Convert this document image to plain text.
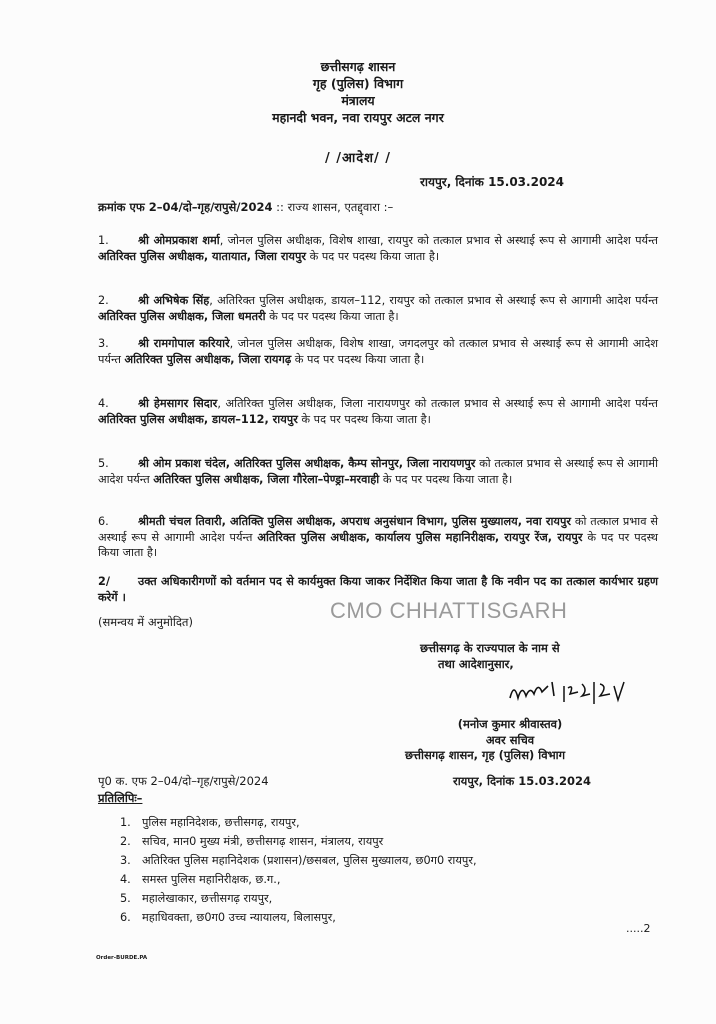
छत्तीसगढ़ शासन
गृह (पुलिस) विभाग
मंत्रालय
महानदी भवन, नवा रायपुर अटल नगर
/ /आदेश/ /
रायपुर, दिनांक 15.03.2024
क्रमांक एफ 2–04/दो–गृह/रापुसे/2024 :: राज्य शासन, एतद्द्वारा :–
1.	श्री ओमप्रकाश शर्मा, जोनल पुलिस अधीक्षक, विशेष शाखा, रायपुर को तत्काल प्रभाव से अस्थाई रूप से आगामी आदेश पर्यन्त अतिरिक्त पुलिस अधीक्षक, यातायात, जिला रायपुर के पद पर पदस्थ किया जाता है।
2.	श्री अभिषेक सिंह, अतिरिक्त पुलिस अधीक्षक, डायल–112, रायपुर को तत्काल प्रभाव से अस्थाई रूप से आगामी आदेश पर्यन्त अतिरिक्त पुलिस अधीक्षक, जिला धमतरी के पद पर पदस्थ किया जाता है।
3.	श्री रामगोपाल करियारे, जोनल पुलिस अधीक्षक, विशेष शाखा, जगदलपुर को तत्काल प्रभाव से अस्थाई रूप से आगामी आदेश पर्यन्त अतिरिक्त पुलिस अधीक्षक, जिला रायगढ़ के पद पर पदस्थ किया जाता है।
4.	श्री हेमसागर सिदार, अतिरिक्त पुलिस अधीक्षक, जिला नारायणपुर को तत्काल प्रभाव से अस्थाई रूप से आगामी आदेश पर्यन्त अतिरिक्त पुलिस अधीक्षक, डायल–112, रायपुर के पद पर पदस्थ किया जाता है।
5.	श्री ओम प्रकाश चंदेल, अतिरिक्त पुलिस अधीक्षक, कैम्प सोनपुर, जिला नारायणपुर को तत्काल प्रभाव से अस्थाई रूप से आगामी आदेश पर्यन्त अतिरिक्त पुलिस अधीक्षक, जिला गौरेला–पेण्ड्रा–मरवाही के पद पर पदस्थ किया जाता है।
6.	श्रीमती चंचल तिवारी, अतिक्ति पुलिस अधीक्षक, अपराध अनुसंधान विभाग, पुलिस मुख्यालय, नवा रायपुर को तत्काल प्रभाव से अस्थाई रूप से आगामी आदेश पर्यन्त अतिरिक्त पुलिस अधीक्षक, कार्यालय पुलिस महानिरीक्षक, रायपुर रेंज, रायपुर के पद पर पदस्थ किया जाता है।
2/ उक्त अधिकारीगणों को वर्तमान पद से कार्यमुक्त किया जाकर निर्देशित किया जाता है कि नवीन पद का तत्काल कार्यभार ग्रहण करेगें ।
CMO CHHATTISGARH
(समन्वय में अनुमोदित)
छत्तीसगढ़ के राज्यपाल के नाम से
तथा आदेशानुसार,
(मनोज कुमार श्रीवास्तव)
अवर सचिव
छत्तीसगढ़ शासन, गृह (पुलिस) विभाग
पृ0 क. एफ 2–04/दो–गृह/रापुसे/2024	रायपुर, दिनांक 15.03.2024
प्रतिलिपिः–
1. पुलिस महानिदेशक, छत्तीसगढ़, रायपुर,
2. सचिव, मान0 मुख्य मंत्री, छत्तीसगढ़ शासन, मंत्रालय, रायपुर
3. अतिरिक्त पुलिस महानिदेशक (प्रशासन)/छसबल, पुलिस मुख्यालय, छ0ग0 रायपुर,
4. समस्त पुलिस महानिरीक्षक, छ.ग.,
5. महालेखाकार, छत्तीसगढ़ रायपुर,
6. महाधिवक्ता, छ0ग0 उच्च न्यायालय, बिलासपुर,
.....2
Order-BURDE.PA
